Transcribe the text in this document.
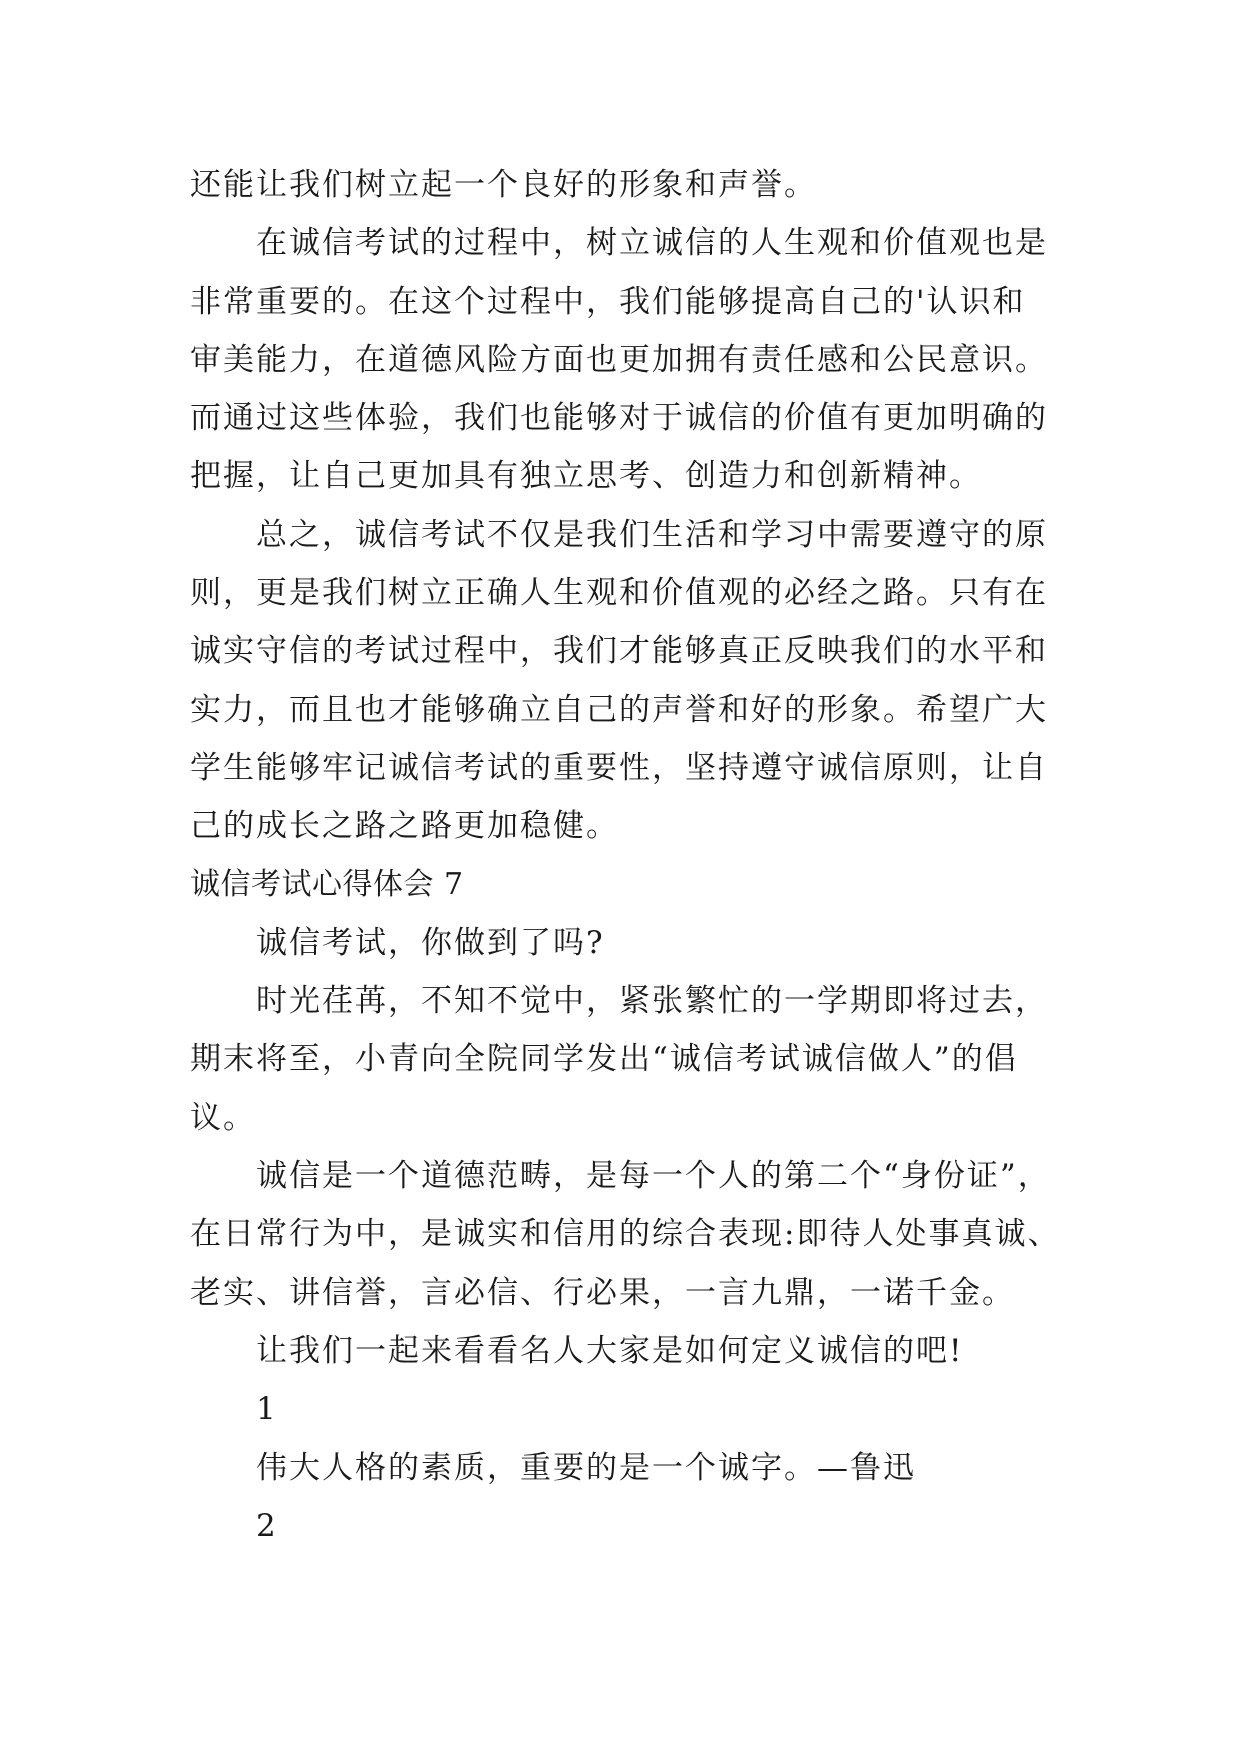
还能让我们树立起一个良好的形象和声誉。
在诚信考试的过程中，树立诚信的人生观和价值观也是
非常重要的。在这个过程中，我们能够提高自己的'认识和
审美能力，在道德风险方面也更加拥有责任感和公民意识。
而通过这些体验，我们也能够对于诚信的价值有更加明确的
把握，让自己更加具有独立思考、创造力和创新精神。
总之，诚信考试不仅是我们生活和学习中需要遵守的原
则，更是我们树立正确人生观和价值观的必经之路。只有在
诚实守信的考试过程中，我们才能够真正反映我们的水平和
实力，而且也才能够确立自己的声誉和好的形象。希望广大
学生能够牢记诚信考试的重要性，坚持遵守诚信原则，让自
己的成长之路之路更加稳健。
诚信考试心得体会 7
诚信考试，你做到了吗?
时光荏苒，不知不觉中，紧张繁忙的一学期即将过去，
期末将至，小青向全院同学发出“诚信考试诚信做人”的倡
议。
诚信是一个道德范畴，是每一个人的第二个“身份证”，
在日常行为中，是诚实和信用的综合表现:即待人处事真诚、
老实、讲信誉，言必信、行必果，一言九鼎，一诺千金。
让我们一起来看看名人大家是如何定义诚信的吧!
1
伟大人格的素质，重要的是一个诚字。—鲁迅
2
